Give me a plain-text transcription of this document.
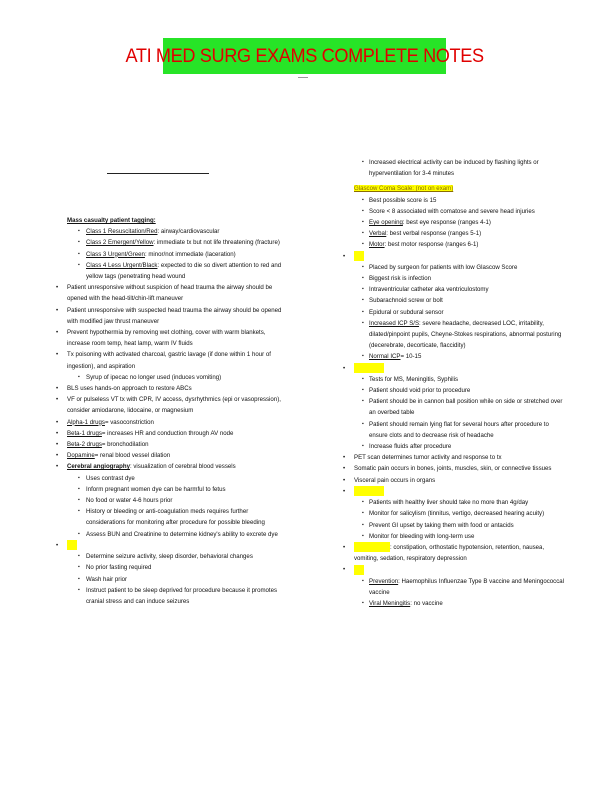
ATI MED SURG EXAMS COMPLETE NOTES
Mass casualty patient tagging:
▪ Class 1 Resuscitation/Red: airway/cardiovascular
▪ Class 2 Emergent/Yellow: immediate tx but not life threatening (fracture)
▪ Class 3 Urgent/Green: minor/not immediate (laceration)
▪ Class 4 Less Urgent/Black: expected to die so divert attention to red and yellow tags (penetrating head wound
• Patient unresponsive without suspicion of head trauma the airway should be opened with the head-tilt/chin-lift maneuver
• Patient unresponsive with suspected head trauma the airway should be opened with modified jaw thrust maneuver
• Prevent hypothermia by removing wet clothing, cover with warm blankets, increase room temp, heat lamp, warm IV fluids
• Tx poisoning with activated charcoal, gastric lavage (if done within 1 hour of ingestion), and aspiration
▪ Syrup of ipecac no longer used (induces vomiting)
• BLS uses hands-on approach to restore ABCs
• VF or pulseless VT tx with CPR, IV access, dysrhythmics (epi or vasopression), consider amiodarone, lidocaine, or magnesium
• Alpha-1 drugs= vasoconstriction
• Beta-1 drugs= increases HR and conduction through AV node
• Beta-2 drugs= bronchodilation
• Dopamine= renal blood vessel dilation
• Cerebral angiography: visualization of cerebral blood vessels
▪ Uses contrast dye
▪ Inform pregnant women dye can be harmful to fetus
▪ No food or water 4-6 hours prior
▪ History or bleeding or anti-coagulation meds requires further considerations for monitoring after procedure for possible bleeding
▪ Assess BUN and Creatinine to determine kidney's ability to excrete dye
•
▪ Determine seizure activity, sleep disorder, behavioral changes
▪ No prior fasting required
▪ Wash hair prior
▪ Instruct patient to be sleep deprived for procedure because it promotes cranial stress and can induce seizures
▪ Increased electrical activity can be induced by flashing lights or hyperventilation for 3-4 minutes
Glascow Coma Scale: (not on exam)
▪ Best possible score is 15
▪ Score < 8 associated with comatose and severe head injuries
▪ Eye opening: best eye response (ranges 4-1)
▪ Verbal: best verbal response (ranges 5-1)
▪ Motor: best motor response (ranges 6-1)
•
▪ Placed by surgeon for patients with low Glascow Score
▪ Biggest risk is infection
▪ Intraventricular catheter aka ventriculostomy
▪ Subarachnoid screw or bolt
▪ Epidural or subdural sensor
▪ Increased ICP S/S: severe headache, decreased LOC, irritability, dilated/pinpoint pupils, Cheyne-Stokes respirations, abnormal posturing (decerebrate, decorticate, flaccidity)
▪ Normal ICP= 10-15
•
▪ Tests for MS, Meningitis, Syphilis
▪ Patient should void prior to procedure
▪ Patient should be in cannon ball position while on side or stretched over an overbed table
▪ Patient should remain lying flat for several hours after procedure to ensure clots and to decrease risk of headache
▪ Increase fluids after procedure
• PET scan determines tumor activity and response to tx
• Somatic pain occurs in bones, joints, muscles, skin, or connective tissues
• Visceral pain occurs in organs
•
▪ Patients with healthy liver should take no more than 4g/day
▪ Monitor for salicylism (tinnitus, vertigo, decreased hearing acuity)
▪ Prevent GI upset by taking them with food or antacids
▪ Monitor for bleeding with long-term use
• : constipation, orthostatic hypotension, retention, nausea, vomiting, sedation, respiratory depression
•
▪ Prevention: Haemophilus Influenzae Type B vaccine and Meningococcal vaccine
▪ Viral Meningitis: no vaccine
